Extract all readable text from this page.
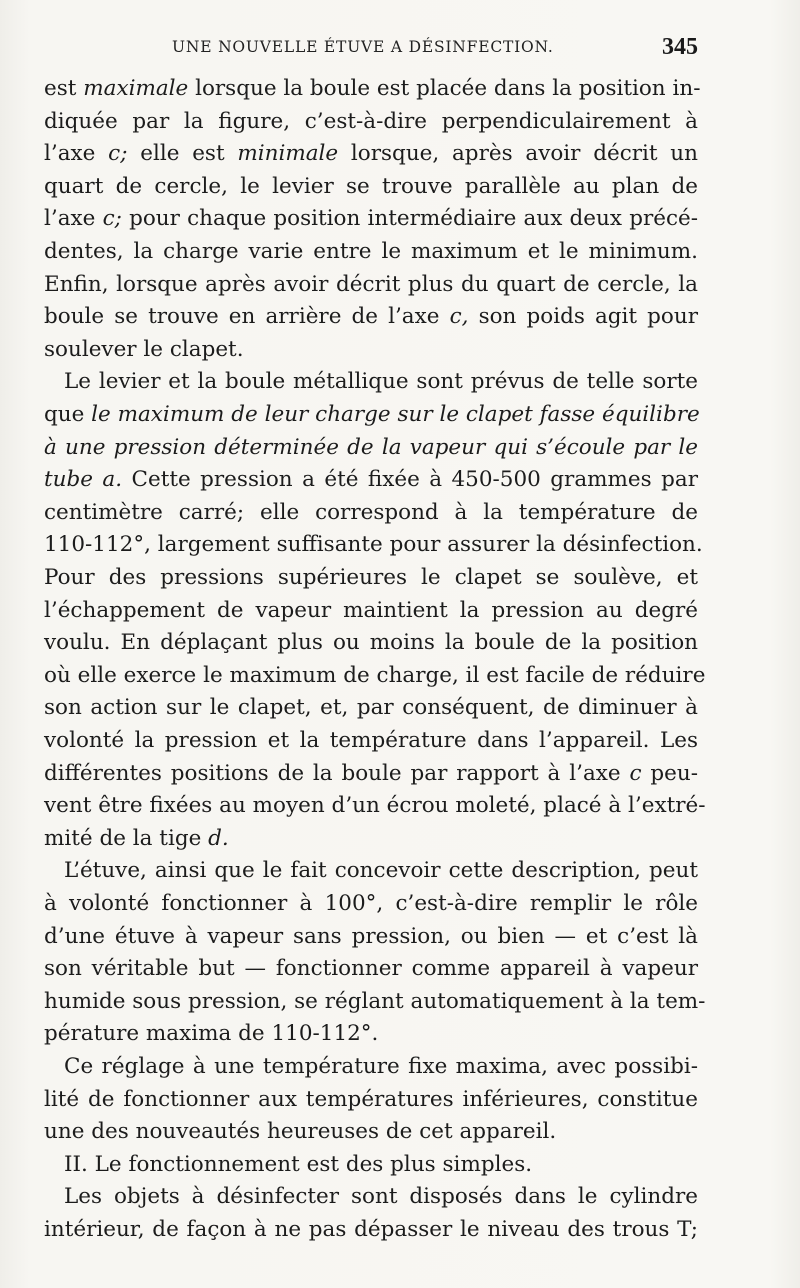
UNE NOUVELLE ÉTUVE A DÉSINFECTION.	345
est maximale lorsque la boule est placée dans la position in-
diquée par la figure, c’est-à-dire perpendiculairement à
l’axe c; elle est minimale lorsque, après avoir décrit un
quart de cercle, le levier se trouve parallèle au plan de
l’axe c; pour chaque position intermédiaire aux deux précé-
dentes, la charge varie entre le maximum et le minimum.
Enfin, lorsque après avoir décrit plus du quart de cercle, la
boule se trouve en arrière de l’axe c, son poids agit pour
soulever le clapet.
Le levier et la boule métallique sont prévus de telle sorte
que le maximum de leur charge sur le clapet fasse équilibre
à une pression déterminée de la vapeur qui s’écoule par le
tube a. Cette pression a été fixée à 450-500 grammes par
centimètre carré; elle correspond à la température de
110-112°, largement suffisante pour assurer la désinfection.
Pour des pressions supérieures le clapet se soulève, et
l’échappement de vapeur maintient la pression au degré
voulu. En déplaçant plus ou moins la boule de la position
où elle exerce le maximum de charge, il est facile de réduire
son action sur le clapet, et, par conséquent, de diminuer à
volonté la pression et la température dans l’appareil. Les
différentes positions de la boule par rapport à l’axe c peu-
vent être fixées au moyen d’un écrou moleté, placé à l’extré-
mité de la tige d.
L’étuve, ainsi que le fait concevoir cette description, peut
à volonté fonctionner à 100°, c’est-à-dire remplir le rôle
d’une étuve à vapeur sans pression, ou bien — et c’est là
son véritable but — fonctionner comme appareil à vapeur
humide sous pression, se réglant automatiquement à la tem-
pérature maxima de 110-112°.
Ce réglage à une température fixe maxima, avec possibi-
lité de fonctionner aux températures inférieures, constitue
une des nouveautés heureuses de cet appareil.
II. Le fonctionnement est des plus simples.
Les objets à désinfecter sont disposés dans le cylindre
intérieur, de façon à ne pas dépasser le niveau des trous T;
